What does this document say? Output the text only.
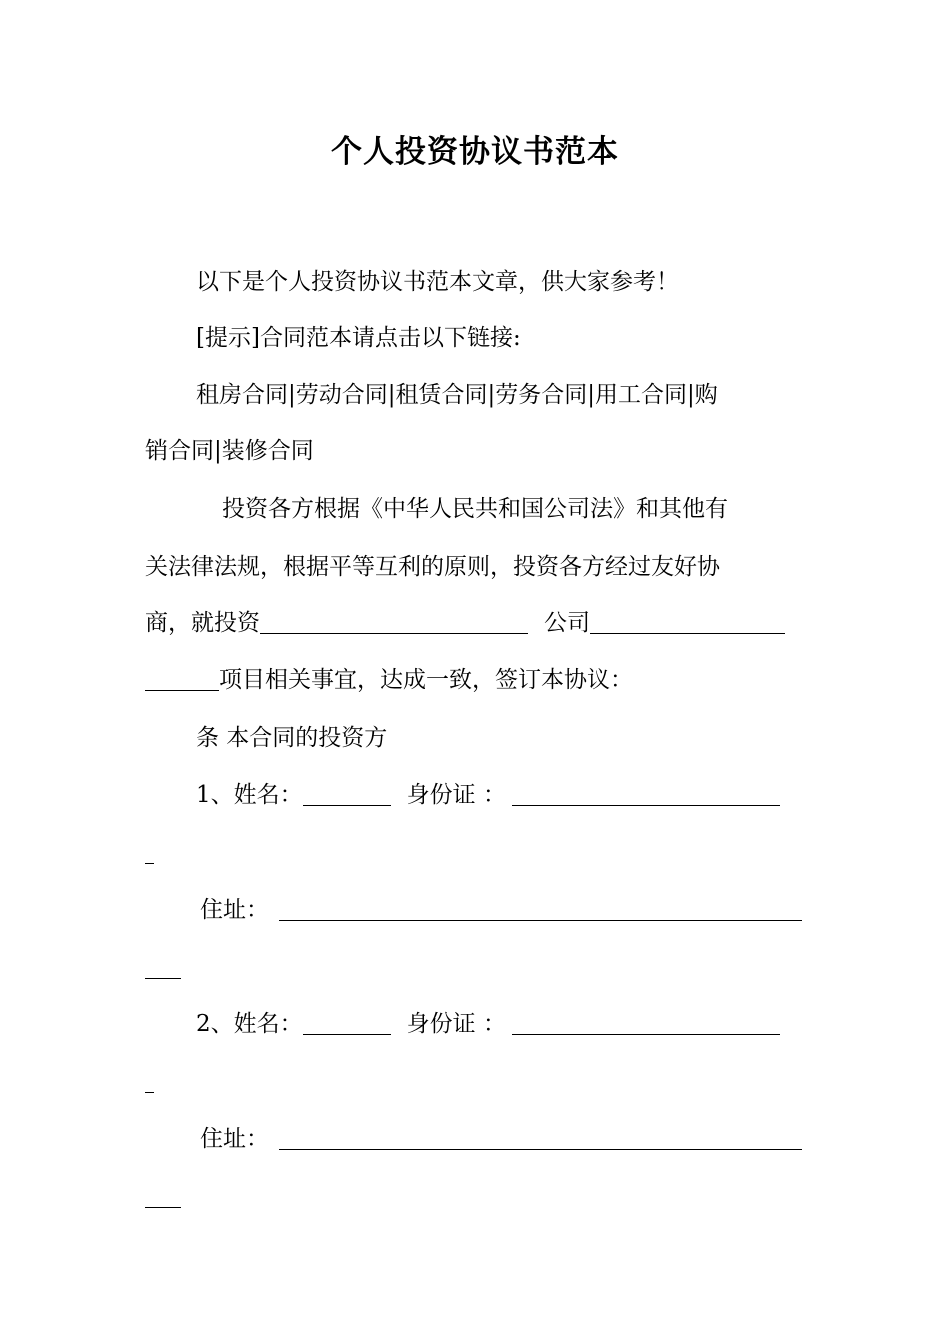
个人投资协议书范本
以下是个人投资协议书范本文章，供大家参考！
[提示]合同范本请点击以下链接:
租房合同|劳动合同|租赁合同|劳务合同|用工合同|购
销合同|装修合同
投资各方根据《中华人民共和国公司法》和其他有
关法律法规，根据平等互利的原则，投资各方经过友好协
商，就投资	公司
项目相关事宜，达成一致，签订本协议：
条 本合同的投资方
1、姓名：	身份证 ：
住址：
2、姓名：	身份证 ：
住址：
